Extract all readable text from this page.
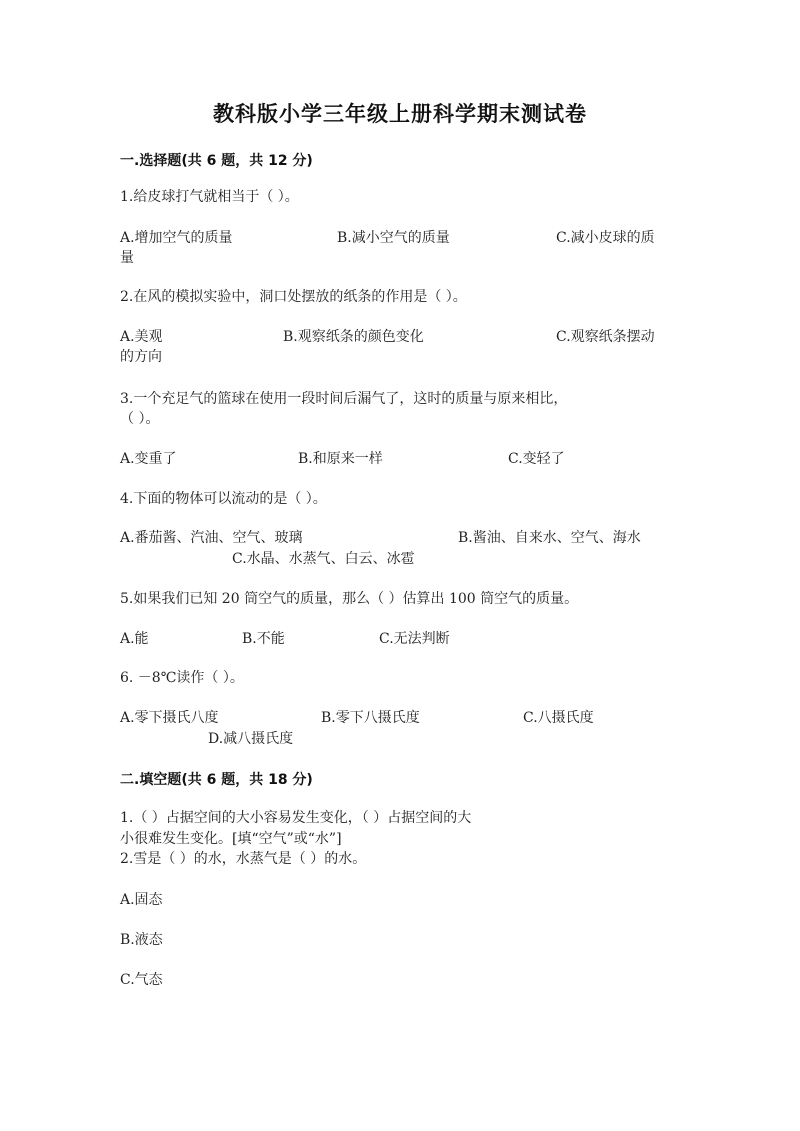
教科版小学三年级上册科学期末测试卷
一.选择题(共 6 题，共 12 分)
1.给皮球打气就相当于（ ）。
A.增加空气的质量	B.减小空气的质量	C.减小皮球的质
量
2.在风的模拟实验中，洞口处摆放的纸条的作用是（ ）。
A.美观	B.观察纸条的颜色变化	C.观察纸条摆动
的方向
3.一个充足气的篮球在使用一段时间后漏气了，这时的质量与原来相比，
（ ）。
A.变重了	B.和原来一样	C.变轻了
4.下面的物体可以流动的是（ ）。
A.番茄酱、汽油、空气、玻璃	B.酱油、自来水、空气、海水
C.水晶、水蒸气、白云、冰雹
5.如果我们已知 20 筒空气的质量，那么（ ）估算出 100 筒空气的质量。
A.能	B.不能	C.无法判断
6. －8℃读作（ ）。
A.零下摄氏八度	B.零下八摄氏度	C.八摄氏度
D.减八摄氏度
二.填空题(共 6 题，共 18 分)
1.（ ）占据空间的大小容易发生变化，（ ）占据空间的大
小很难发生变化。[填“空气”或“水”]
2.雪是（ ）的水，水蒸气是（ ）的水。
A.固态
B.液态
C.气态
